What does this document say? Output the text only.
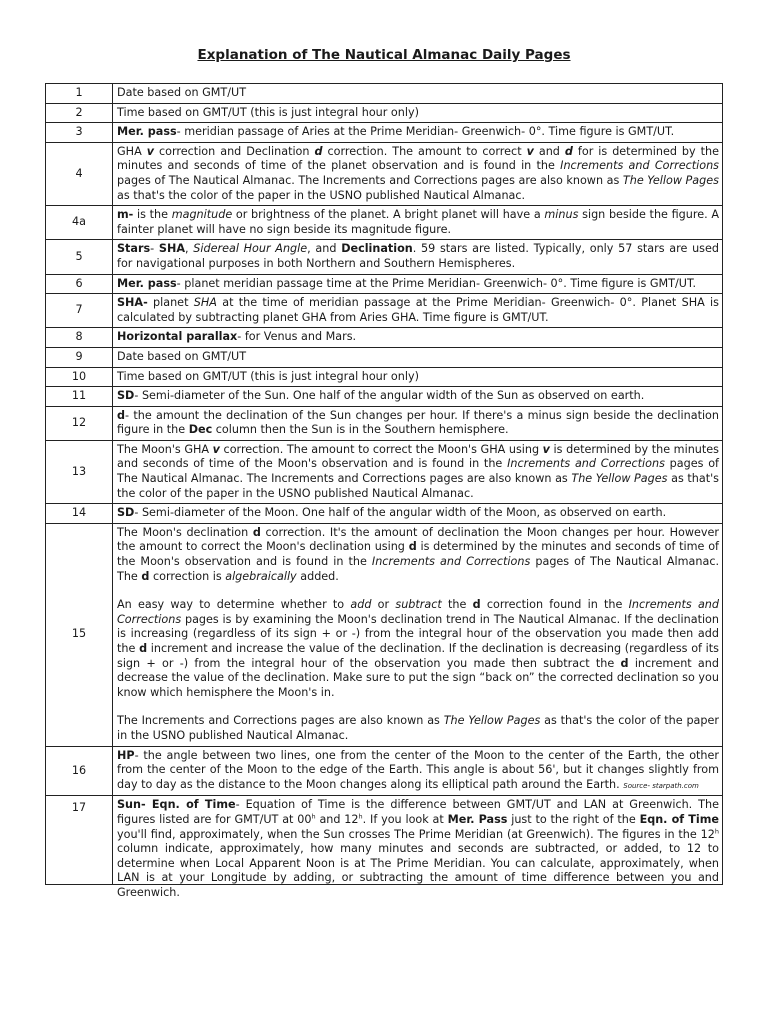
Explanation of The Nautical Almanac Daily Pages
1	Date based on GMT/UT
2	Time based on GMT/UT (this is just integral hour only)
3	Mer. pass- meridian passage of Aries at the Prime Meridian- Greenwich- 0°. Time figure is GMT/UT.
4	GHA v correction and Declination d correction. The amount to correct v and d for is determined by the minutes and seconds of time of the planet observation and is found in the Increments and Corrections pages of The Nautical Almanac. The Increments and Corrections pages are also known as The Yellow Pages as that's the color of the paper in the USNO published Nautical Almanac.
4a	m- is the magnitude or brightness of the planet. A bright planet will have a minus sign beside the figure. A fainter planet will have no sign beside its magnitude figure.
5	Stars- SHA, Sidereal Hour Angle, and Declination. 59 stars are listed. Typically, only 57 stars are used for navigational purposes in both Northern and Southern Hemispheres.
6	Mer. pass- planet meridian passage time at the Prime Meridian- Greenwich- 0°. Time figure is GMT/UT.
7	SHA- planet SHA at the time of meridian passage at the Prime Meridian- Greenwich- 0°. Planet SHA is calculated by subtracting planet GHA from Aries GHA. Time figure is GMT/UT.
8	Horizontal parallax- for Venus and Mars.
9	Date based on GMT/UT
10	Time based on GMT/UT (this is just integral hour only)
11	SD- Semi-diameter of the Sun. One half of the angular width of the Sun as observed on earth.
12	d- the amount the declination of the Sun changes per hour. If there's a minus sign beside the declination figure in the Dec column then the Sun is in the Southern hemisphere.
13	The Moon's GHA v correction. The amount to correct the Moon's GHA using v is determined by the minutes and seconds of time of the Moon's observation and is found in the Increments and Corrections pages of The Nautical Almanac. The Increments and Corrections pages are also known as The Yellow Pages as that's the color of the paper in the USNO published Nautical Almanac.
14	SD- Semi-diameter of the Moon. One half of the angular width of the Moon, as observed on earth.
15	The Moon's declination d correction. It's the amount of declination the Moon changes per hour. However the amount to correct the Moon's declination using d is determined by the minutes and seconds of time of the Moon's observation and is found in the Increments and Corrections pages of The Nautical Almanac. The d correction is algebraically added.

An easy way to determine whether to add or subtract the d correction found in the Increments and Corrections pages is by examining the Moon's declination trend in The Nautical Almanac. If the declination is increasing (regardless of its sign + or -) from the integral hour of the observation you made then add the d increment and increase the value of the declination. If the declination is decreasing (regardless of its sign + or -) from the integral hour of the observation you made then subtract the d increment and decrease the value of the declination. Make sure to put the sign “back on” the corrected declination so you know which hemisphere the Moon's in.

The Increments and Corrections pages are also known as The Yellow Pages as that's the color of the paper in the USNO published Nautical Almanac.

16	HP- the angle between two lines, one from the center of the Moon to the center of the Earth, the other from the center of the Moon to the edge of the Earth. This angle is about 56', but it changes slightly from day to day as the distance to the Moon changes along its elliptical path around the Earth. Source- starpath.com
17	Sun- Eqn. of Time- Equation of Time is the difference between GMT/UT and LAN at Greenwich. The figures listed are for GMT/UT at 00$^h$ and 12$^h$. If you look at Mer. Pass just to the right of the Eqn. of Time you'll find, approximately, when the Sun crosses The Prime Meridian (at Greenwich). The figures in the 12$^h$ column indicate, approximately, how many minutes and seconds are subtracted, or added, to 12 to determine when Local Apparent Noon is at The Prime Meridian. You can calculate, approximately, when LAN is at your Longitude by adding, or subtracting the amount of time difference between you and Greenwich.
